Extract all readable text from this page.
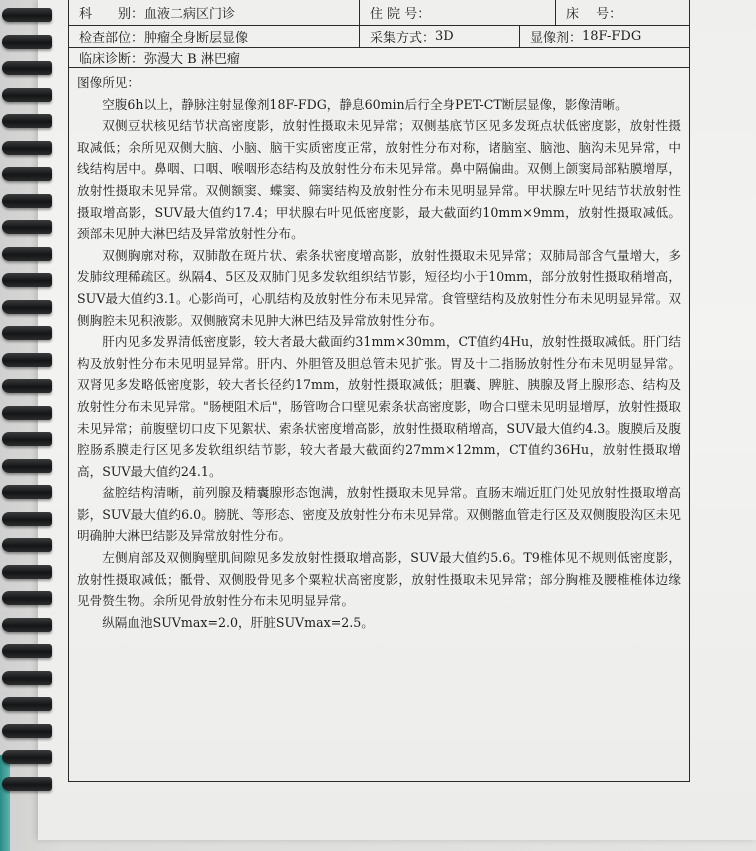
科　　别： 血液二病区门诊	住 院 号：	床　 号：
检查部位： 肿瘤全身断层显像	采集方式： 3D	显像剂： 18F-FDG
临床诊断： 弥漫大 B 淋巴瘤
图像所见：
空腹6h以上，静脉注射显像剂18F-FDG，静息60min后行全身PET-CT断层显像，影像清晰。
双侧豆状核见结节状高密度影，放射性摄取未见异常；双侧基底节区见多发斑点状低密度影，放射性摄取减低；余所见双侧大脑、小脑、脑干实质密度正常，放射性分布对称，诸脑室、脑池、脑沟未见异常，中线结构居中。鼻咽、口咽、喉咽形态结构及放射性分布未见异常。鼻中隔偏曲。双侧上颌窦局部粘膜增厚，放射性摄取未见异常。双侧额窦、蝶窦、筛窦结构及放射性分布未见明显异常。甲状腺左叶见结节状放射性摄取增高影，SUV最大值约17.4；甲状腺右叶见低密度影，最大截面约10mm×9mm，放射性摄取减低。颈部未见肿大淋巴结及异常放射性分布。
双侧胸廓对称，双肺散在斑片状、索条状密度增高影，放射性摄取未见异常；双肺局部含气量增大，多发肺纹理稀疏区。纵隔4、5区及双肺门见多发软组织结节影，短径均小于10mm，部分放射性摄取稍增高，SUV最大值约3.1。心影尚可，心肌结构及放射性分布未见异常。食管壁结构及放射性分布未见明显异常。双侧胸腔未见积液影。双侧腋窝未见肿大淋巴结及异常放射性分布。
肝内见多发界清低密度影，较大者最大截面约31mm×30mm，CT值约4Hu，放射性摄取减低。肝门结构及放射性分布未见明显异常。肝内、外胆管及胆总管未见扩张。胃及十二指肠放射性分布未见明显异常。双肾见多发略低密度影，较大者长径约17mm，放射性摄取减低；胆囊、脾脏、胰腺及肾上腺形态、结构及放射性分布未见异常。"肠梗阻术后"，肠管吻合口壁见索条状高密度影，吻合口壁未见明显增厚，放射性摄取未见异常；前腹壁切口皮下见絮状、索条状密度增高影，放射性摄取稍增高，SUV最大值约4.3。腹膜后及腹腔肠系膜走行区见多发软组织结节影，较大者最大截面约27mm×12mm，CT值约36Hu，放射性摄取增高，SUV最大值约24.1。
盆腔结构清晰，前列腺及精囊腺形态饱满，放射性摄取未见异常。直肠末端近肛门处见放射性摄取增高影，SUV最大值约6.0。膀胱、等形态、密度及放射性分布未见异常。双侧髂血管走行区及双侧腹股沟区未见明确肿大淋巴结影及异常放射性分布。
左侧肩部及双侧胸壁肌间隙见多发放射性摄取增高影，SUV最大值约5.6。T9椎体见不规则低密度影，放射性摄取减低；骶骨、双侧股骨见多个粟粒状高密度影，放射性摄取未见异常；部分胸椎及腰椎椎体边缘见骨赘生物。余所见骨放射性分布未见明显异常。
纵隔血池SUVmax=2.0，肝脏SUVmax=2.5。
